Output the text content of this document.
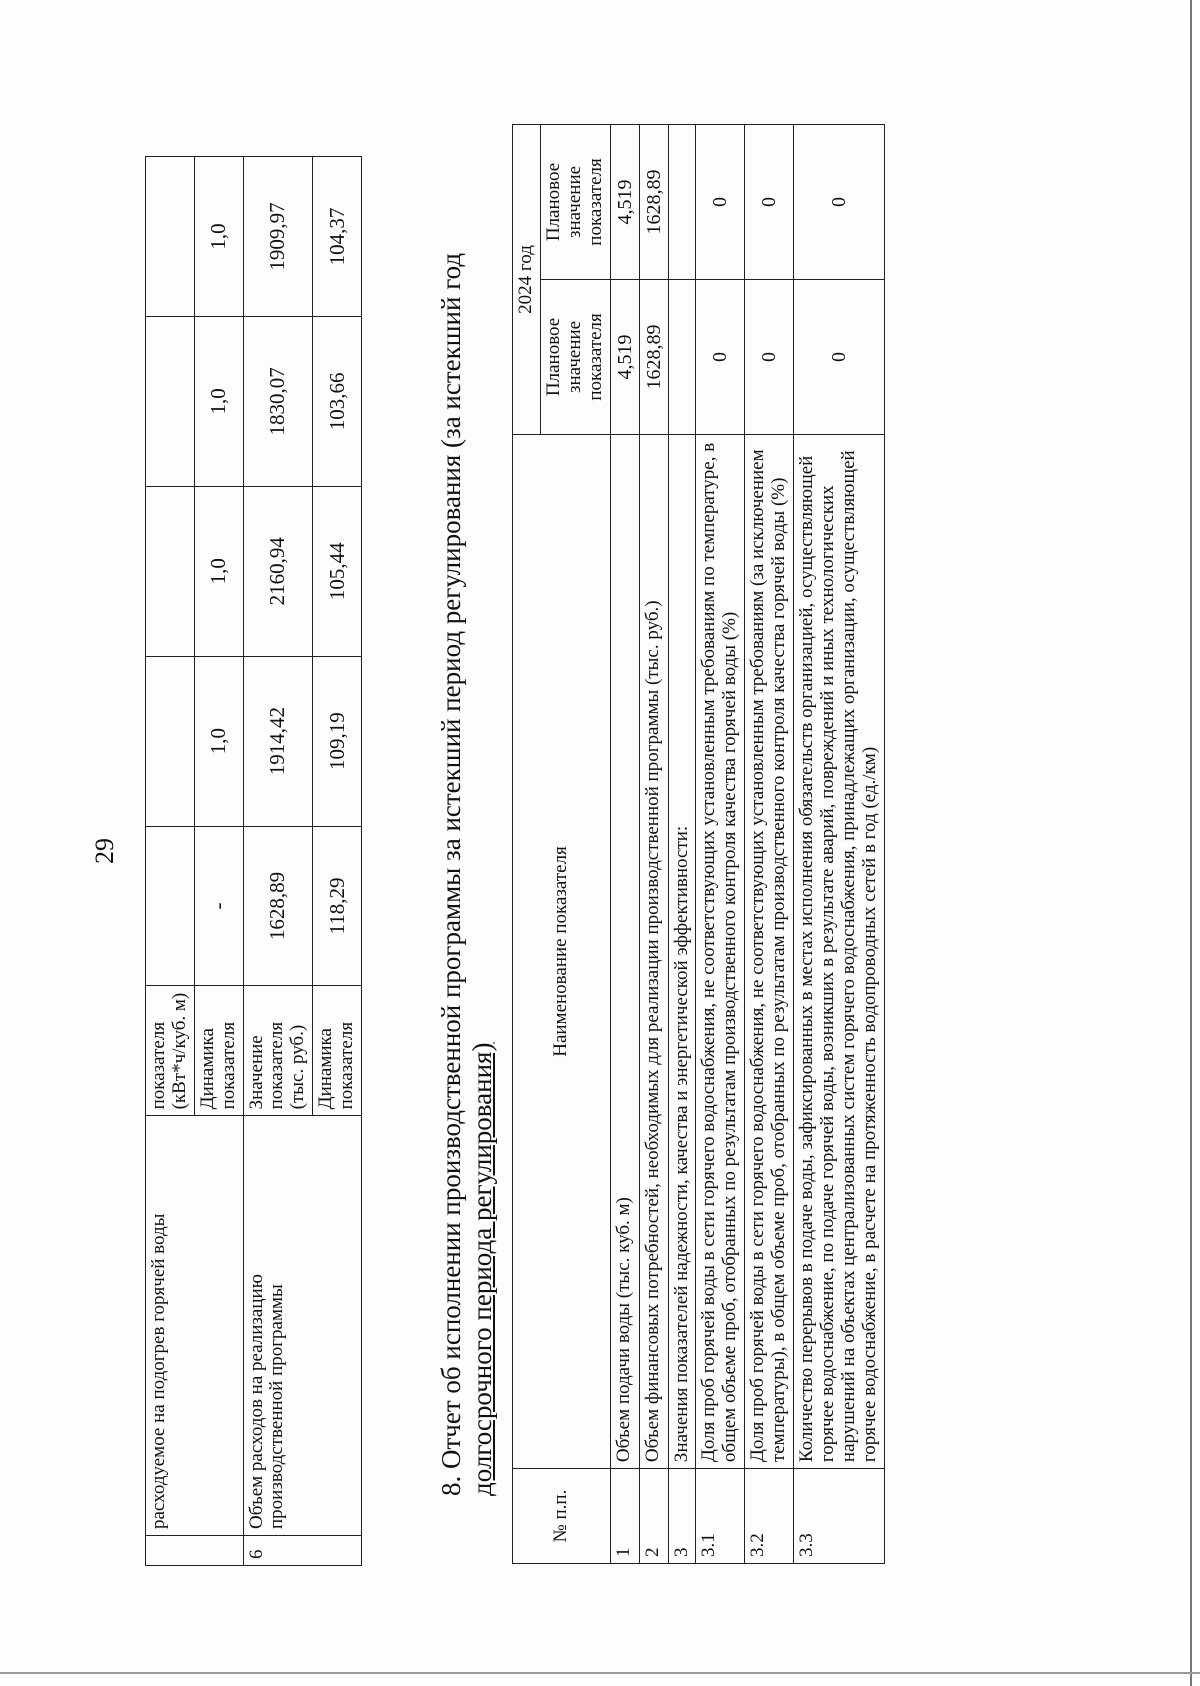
29
	расходуемое на подогрев горячей воды	показателя (кВт*ч/куб. м)					
		Динамика показателя	-	1,0	1,0	1,0	1,0
6	Объем расходов на реализацию производственной программы	Значение показателя (тыс. руб.)	1628,89	1914,42	2160,94	1830,07	1909,97
		Динамика показателя	118,29	109,19	105,44	103,66	104,37
8. Отчет об исполнении производственной программы за истекший период регулирования (за истекший год
долгосрочного периода регулирования)
№ п.п.	Наименование показателя	2024 год	
		Плановое значение показателя	Плановое значение показателя
1	Объем подачи воды (тыс. куб. м)	4,519	4,519
2	Объем финансовых потребностей, необходимых для реализации производственной программы (тыс. руб.)	1628,89	1628,89
3	Значения показателей надежности, качества и энергетической эффективности:		
3.1	Доля проб горячей воды в сети горячего водоснабжения, не соответствующих установленным требованиям по температуре, в общем объеме проб, отобранных по результатам производственного контроля качества горячей воды (%)	0	0
3.2	Доля проб горячей воды в сети горячего водоснабжения, не соответствующих установленным требованиям (за исключением температуры), в общем объеме проб, отобранных по результатам производственного контроля качества горячей воды (%)	0	0
3.3	Количество перерывов в подаче воды, зафиксированных в местах исполнения обязательств организацией, осуществляющей горячее водоснабжение, по подаче горячей воды, возникших в результате аварий, повреждений и иных технологических нарушений на объектах централизованных систем горячего водоснабжения, принадлежащих организации, осуществляющей горячее водоснабжение, в расчете на протяженность водопроводных сетей в год (ед./км)	0	0
